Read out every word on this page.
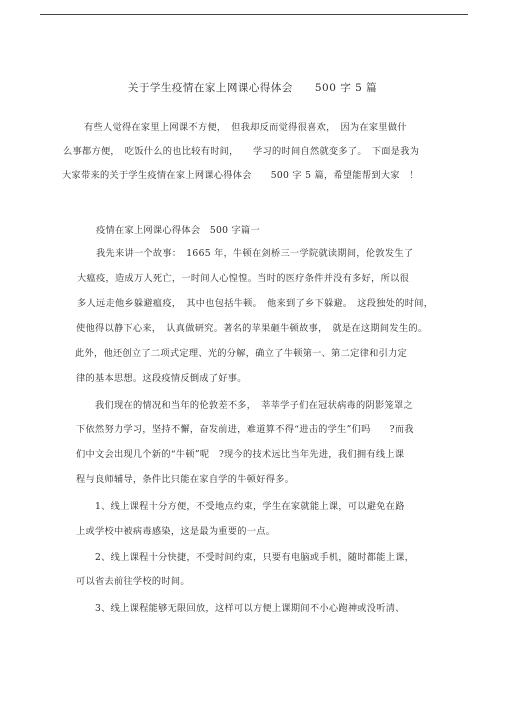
关于学生疫情在家上网课心得体会　　500 字 5 篇
有些人觉得在家里上网课不方便，　但我却反而觉得很喜欢，　因为在家里做什
么事都方便，　吃饭什么的也比较有时间，　　学习的时间自然就变多了。　下面是我为
大家带来的关于学生疫情在家上网课心得体会　　500 字 5 篇，希望能帮到大家　！
疫情在家上网课心得体会　500 字篇一
我先来讲一个故事：　1665 年，牛顿在剑桥三一学院就读期间，伦敦发生了
大瘟疫，造成万人死亡，一时间人心惶惶。当时的医疗条件并没有多好，所以很
多人远走他乡躲避瘟疫，　其中也包括牛顿。　他来到了乡下躲避。　这段独处的时间，
使他得以静下心来，　认真做研究。著名的苹果砸牛顿故事，　就是在这期间发生的。
此外，他还创立了二项式定理、光的分解，确立了牛顿第一、第二定律和引力定
律的基本思想。这段疫情反倒成了好事。
我们现在的情况和当年的伦敦差不多，　莘莘学子们在冠状病毒的阴影笼罩之
下依然努力学习，坚持不懈，奋发前进，难道算不得“进击的学生”们吗　　?而我
们中文会出现几个新的“牛顿”呢　?现今的技术远比当年先进，我们拥有线上课
程与良师辅导，条件比只能在家自学的牛顿好得多。
1、线上课程十分方便，不受地点约束，学生在家就能上课，可以避免在路
上或学校中被病毒感染，这是最为重要的一点。
2、线上课程十分快捷，不受时间约束，只要有电脑或手机，随时都能上课，
可以省去前往学校的时间。
3、线上课程能够无限回放，这样可以方便上课期间不小心跑神或没听清、
